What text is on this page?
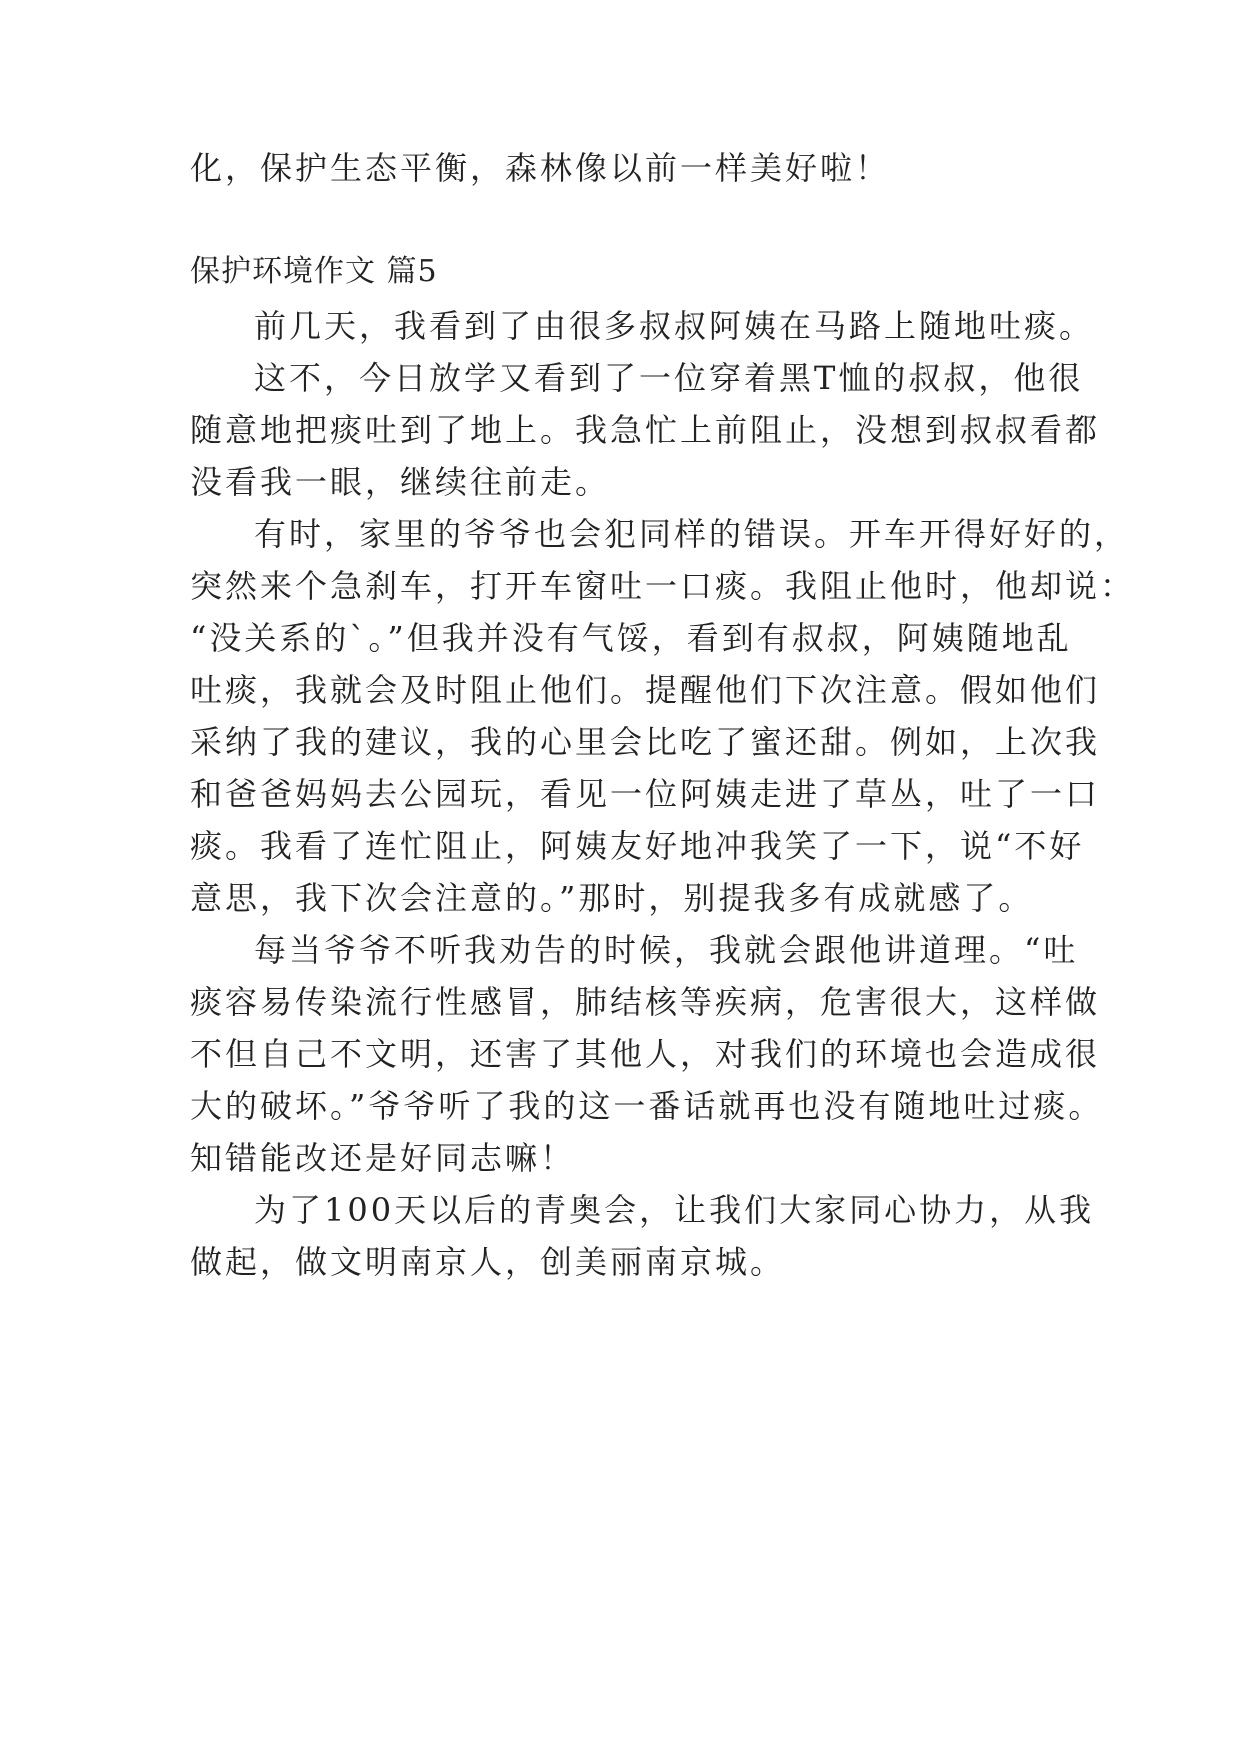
化，保护生态平衡，森林像以前一样美好啦！
保护环境作文 篇5
前几天，我看到了由很多叔叔阿姨在马路上随地吐痰。
这不，今日放学又看到了一位穿着黑T恤的叔叔，他很
随意地把痰吐到了地上。我急忙上前阻止，没想到叔叔看都
没看我一眼，继续往前走。
有时，家里的爷爷也会犯同样的错误。开车开得好好的，
突然来个急刹车，打开车窗吐一口痰。我阻止他时，他却说：
“没关系的`。”但我并没有气馁，看到有叔叔，阿姨随地乱
吐痰，我就会及时阻止他们。提醒他们下次注意。假如他们
采纳了我的建议，我的心里会比吃了蜜还甜。例如，上次我
和爸爸妈妈去公园玩，看见一位阿姨走进了草丛，吐了一口
痰。我看了连忙阻止，阿姨友好地冲我笑了一下，说“不好
意思，我下次会注意的。”那时，别提我多有成就感了。
每当爷爷不听我劝告的时候，我就会跟他讲道理。“吐
痰容易传染流行性感冒，肺结核等疾病，危害很大，这样做
不但自己不文明，还害了其他人，对我们的环境也会造成很
大的破坏。”爷爷听了我的这一番话就再也没有随地吐过痰。
知错能改还是好同志嘛！
为了100天以后的青奥会，让我们大家同心协力，从我
做起，做文明南京人，创美丽南京城。
